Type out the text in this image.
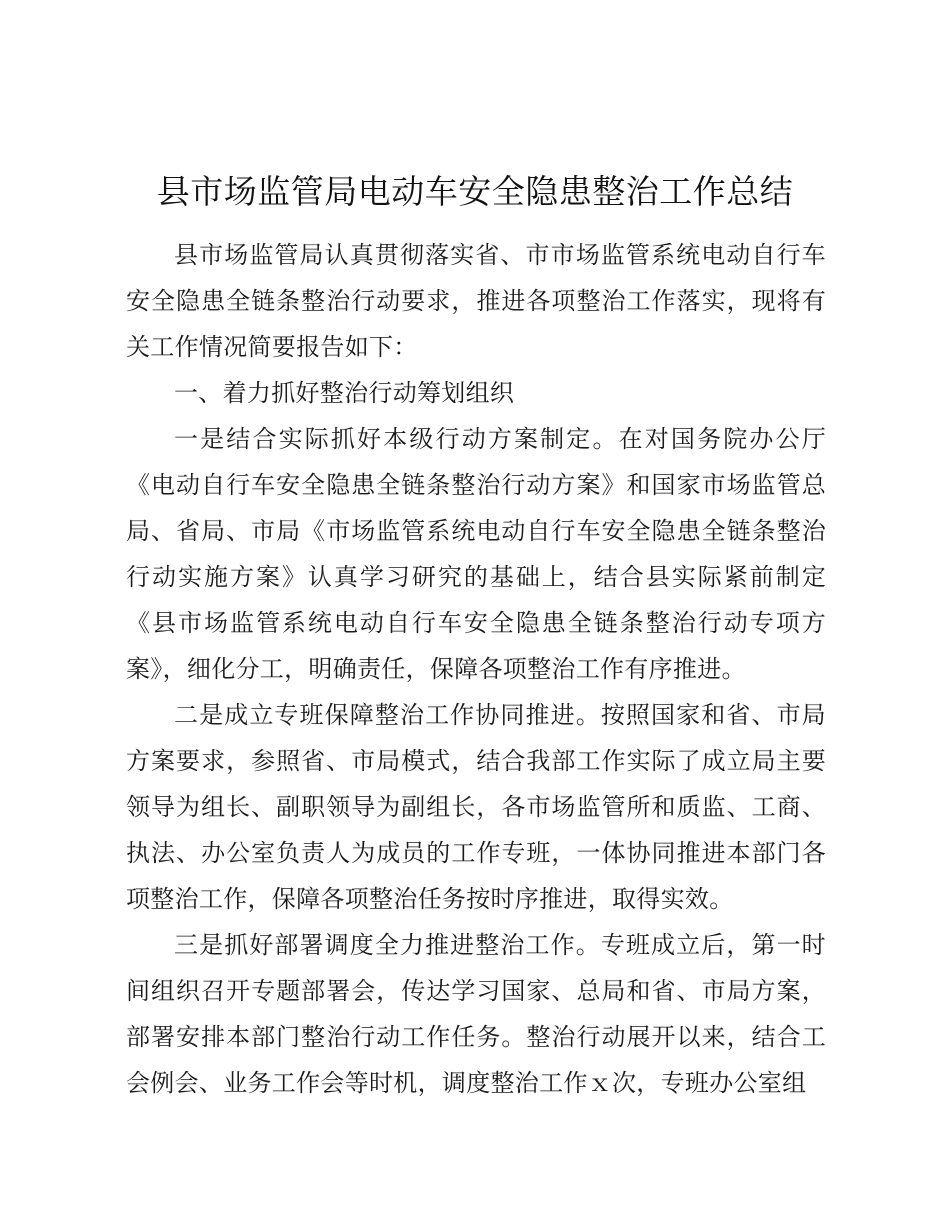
县市场监管局电动车安全隐患整治工作总结

县市场监管局认真贯彻落实省、市市场监管系统电动自行车安全隐患全链条整治行动要求，推进各项整治工作落实，现将有关工作情况简要报告如下：

一、着力抓好整治行动筹划组织

一是结合实际抓好本级行动方案制定。在对国务院办公厅《电动自行车安全隐患全链条整治行动方案》和国家市场监管总局、省局、市局《市场监管系统电动自行车安全隐患全链条整治行动实施方案》认真学习研究的基础上，结合县实际紧前制定《县市场监管系统电动自行车安全隐患全链条整治行动专项方案》，细化分工，明确责任，保障各项整治工作有序推进。

二是成立专班保障整治工作协同推进。按照国家和省、市局方案要求，参照省、市局模式，结合我部工作实际了成立局主要领导为组长、副职领导为副组长，各市场监管所和质监、工商、执法、办公室负责人为成员的工作专班，一体协同推进本部门各项整治工作，保障各项整治任务按时序推进，取得实效。

三是抓好部署调度全力推进整治工作。专班成立后，第一时间组织召开专题部署会，传达学习国家、总局和省、市局方案，部署安排本部门整治行动工作任务。整治行动展开以来，结合工会例会、业务工作会等时机，调度整治工作ｘ次，专班办公室组
